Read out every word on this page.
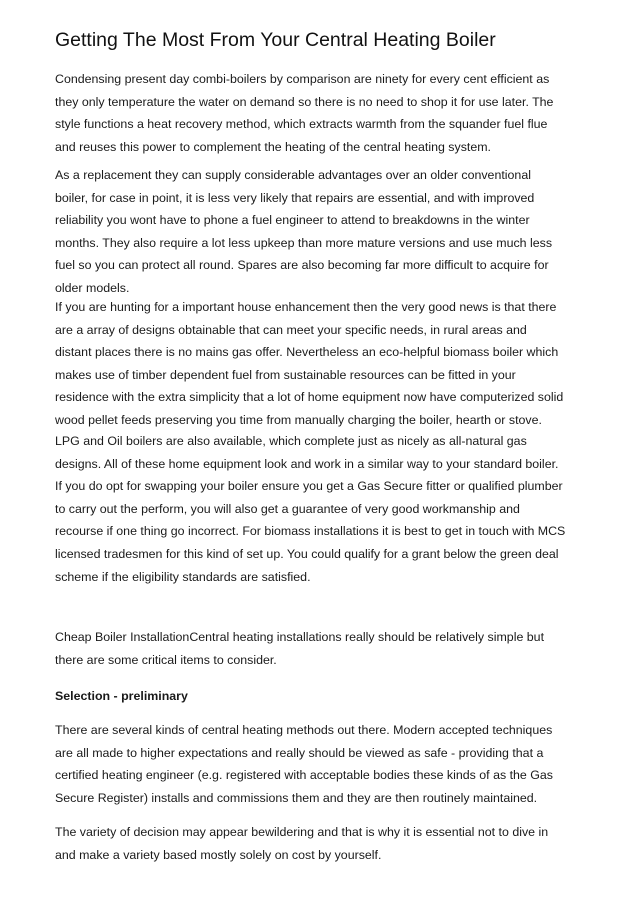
Getting The Most From Your Central Heating Boiler

Condensing present day combi-boilers by comparison are ninety for every cent efficient as
they only temperature the water on demand so there is no need to shop it for use later. The
style functions a heat recovery method, which extracts warmth from the squander fuel flue
and reuses this power to complement the heating of the central heating system.

As a replacement they can supply considerable advantages over an older conventional
boiler, for case in point, it is less very likely that repairs are essential, and with improved
reliability you wont have to phone a fuel engineer to attend to breakdowns in the winter
months. They also require a lot less upkeep than more mature versions and use much less
fuel so you can protect all round. Spares are also becoming far more difficult to acquire for
older models.

If you are hunting for a important house enhancement then the very good news is that there
are a array of designs obtainable that can meet your specific needs, in rural areas and
distant places there is no mains gas offer. Nevertheless an eco-helpful biomass boiler which
makes use of timber dependent fuel from sustainable resources can be fitted in your
residence with the extra simplicity that a lot of home equipment now have computerized solid
wood pellet feeds preserving you time from manually charging the boiler, hearth or stove.

LPG and Oil boilers are also available, which complete just as nicely as all-natural gas
designs. All of these home equipment look and work in a similar way to your standard boiler.
If you do opt for swapping your boiler ensure you get a Gas Secure fitter or qualified plumber
to carry out the perform, you will also get a guarantee of very good workmanship and
recourse if one thing go incorrect. For biomass installations it is best to get in touch with MCS
licensed tradesmen for this kind of set up. You could qualify for a grant below the green deal
scheme if the eligibility standards are satisfied.

Cheap Boiler InstallationCentral heating installations really should be relatively simple but
there are some critical items to consider.

Selection - preliminary

There are several kinds of central heating methods out there. Modern accepted techniques
are all made to higher expectations and really should be viewed as safe - providing that a
certified heating engineer (e.g. registered with acceptable bodies these kinds of as the Gas
Secure Register) installs and commissions them and they are then routinely maintained.

The variety of decision may appear bewildering and that is why it is essential not to dive in
and make a variety based mostly solely on cost by yourself.
